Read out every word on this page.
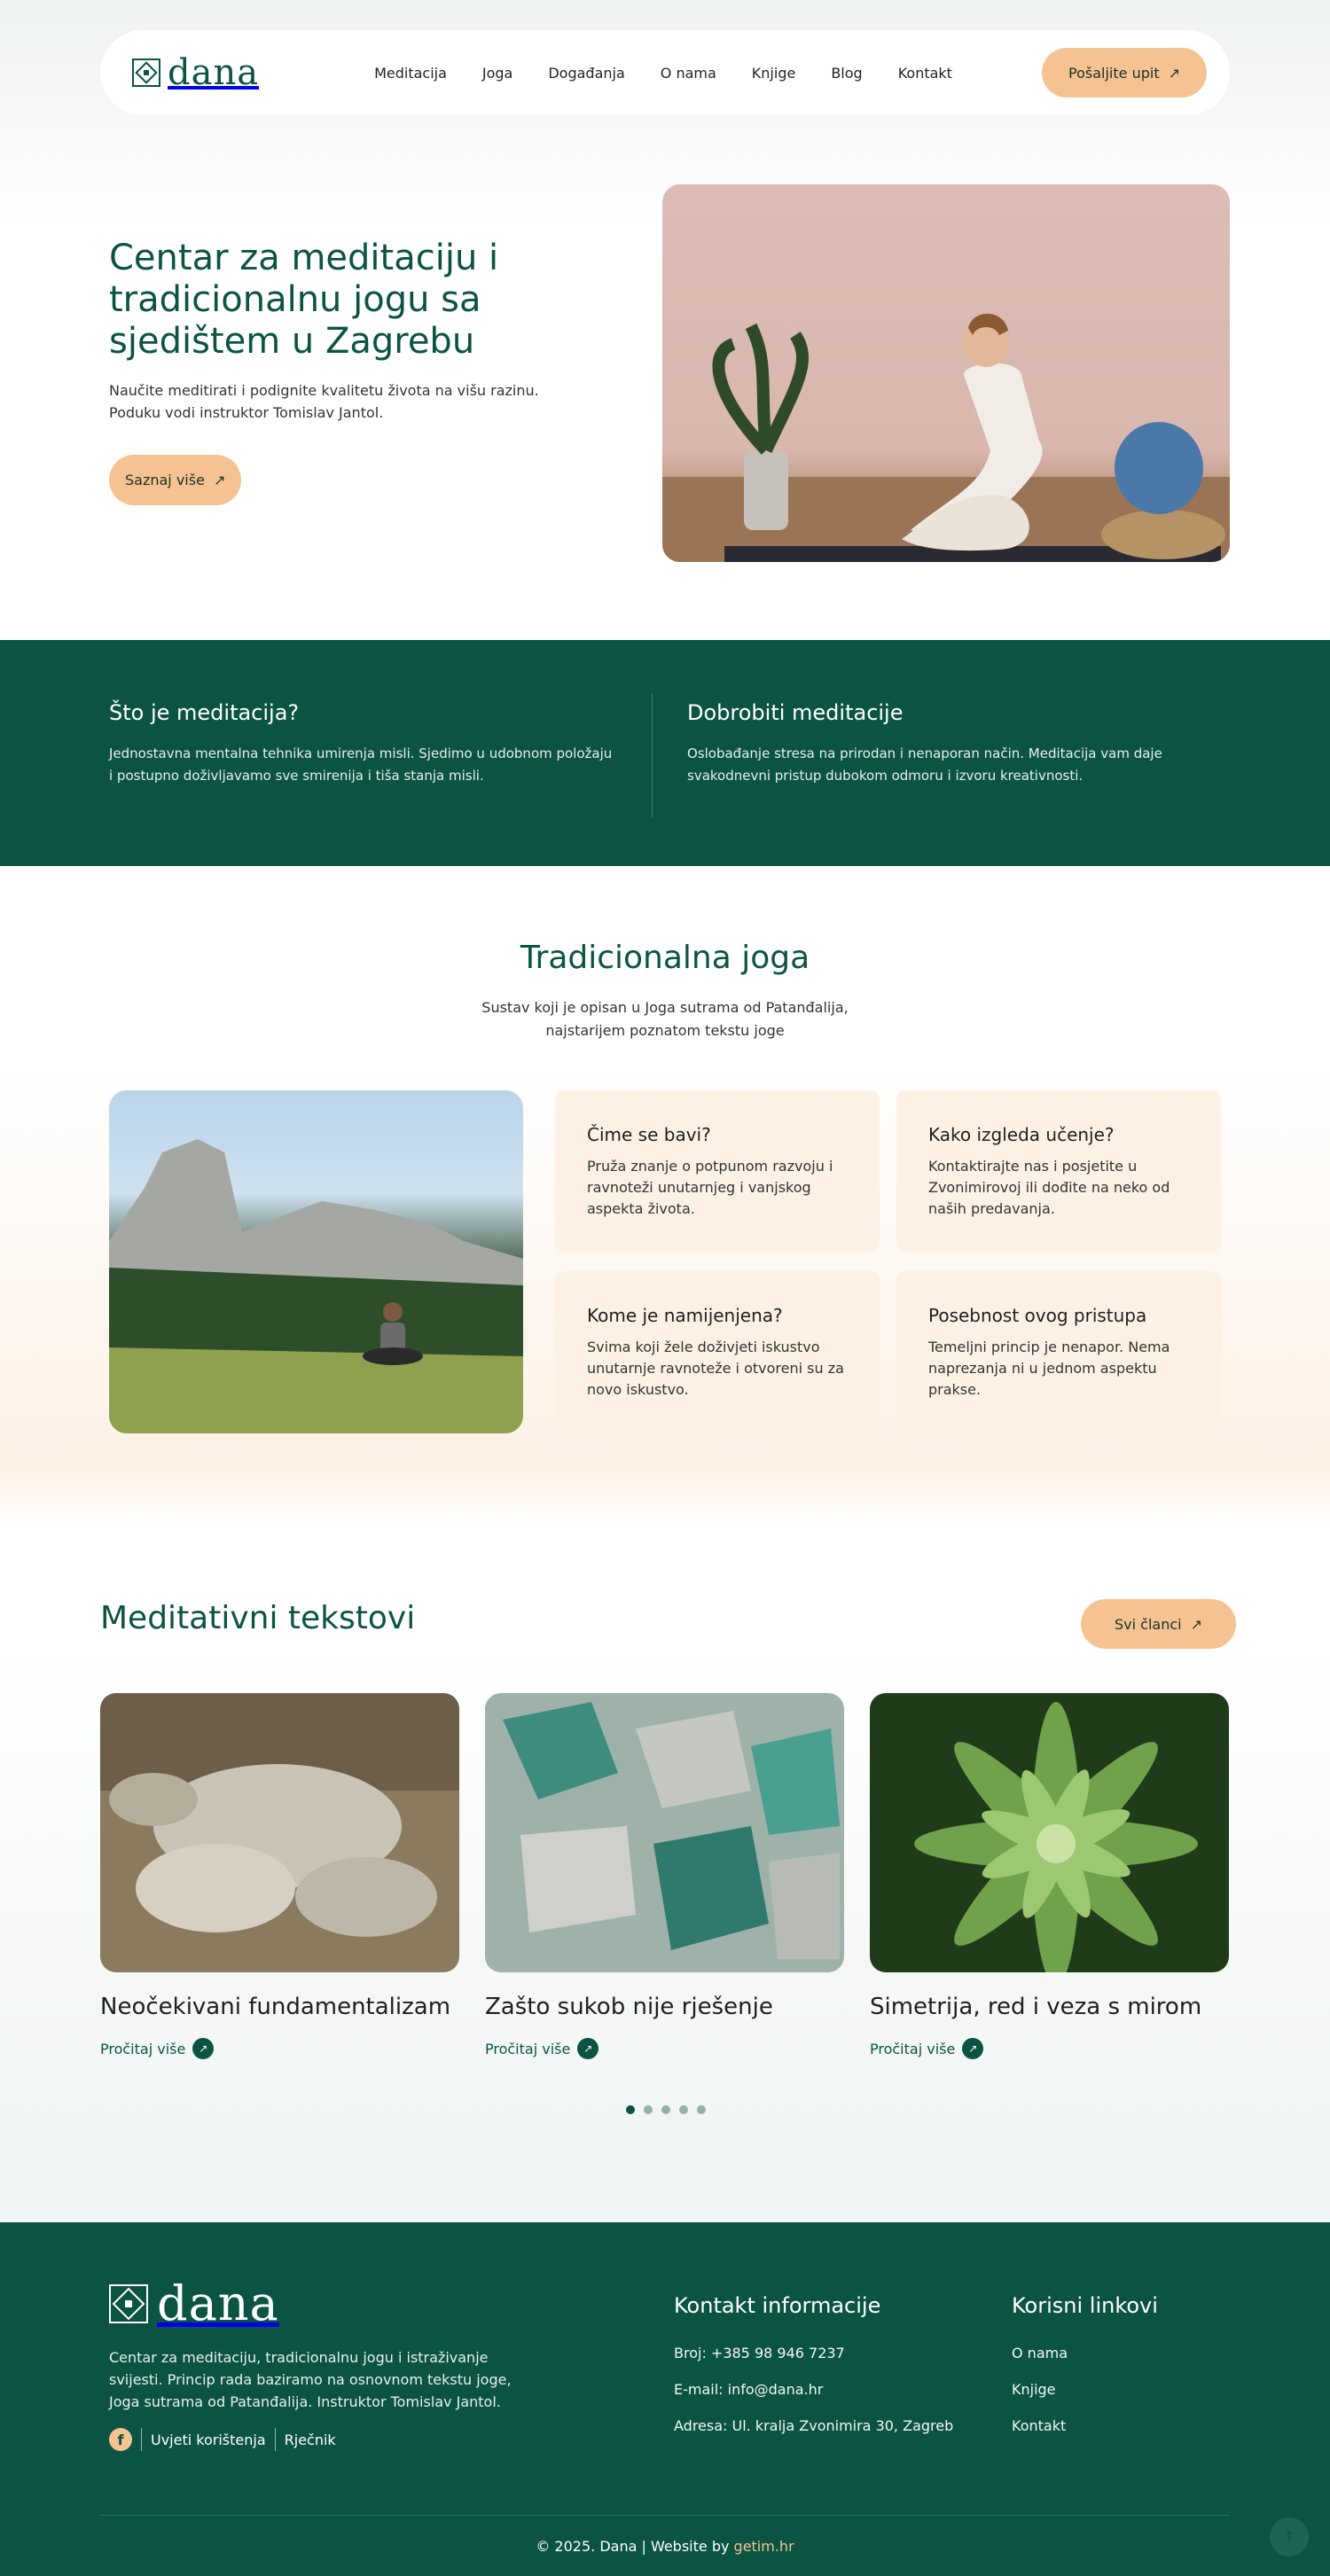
dana	Meditacija	Joga	Događanja	O nama	Knjige	Blog	Kontakt	Pošaljite upit ↗
Centar za meditaciju i tradicionalnu jogu sa sjedištem u Zagrebu

Naučite meditirati i podignite kvalitetu života na višu razinu. Poduku vodi instruktor Tomislav Jantol.

Saznaj više ↗
Što je meditacija?

Jednostavna mentalna tehnika umirenja misli. Sjedimo u udobnom položaju i postupno doživljavamo sve smirenija i tiša stanja misli.

Dobrobiti meditacije

Oslobađanje stresa na prirodan i nenaporan način. Meditacija vam daje svakodnevni pristup dubokom odmoru i izvoru kreativnosti.

Tradicionalna joga

Sustav koji je opisan u Joga sutrama od Patanđalija, najstarijem poznatom tekstu joge

Čime se bavi?

Pruža znanje o potpunom razvoju i ravnoteži unutarnjeg i vanjskog aspekta života.

Kako izgleda učenje?

Kontaktirajte nas i posjetite u Zvonimirovoj ili dođite na neko od naših predavanja.

Kome je namijenjena?

Svima koji žele doživjeti iskustvo unutarnje ravnoteže i otvoreni su za novo iskustvo.

Posebnost ovog pristupa

Temeljni princip je nenapor. Nema naprezanja ni u jednom aspektu prakse.

Meditativni tekstovi	Svi članci ↗
Neočekivani fundamentalizam
Pročitaj više	↗
Zašto sukob nije rješenje
Pročitaj više	↗
Simetrija, red i veza s mirom
Pročitaj više	↗
dana

Centar za meditaciju, tradicionalnu jogu i istraživanje svijesti. Princip rada baziramo na osnovnom tekstu joge, Joga sutrama od Patanđalija. Instruktor Tomislav Jantol.

f	Uvjeti korištenja Rječnik
Kontakt informacije
Broj: +385 98 946 7237
E-mail: info@dana.hr
Adresa: Ul. kralja Zvonimira 30, Zagreb
Korisni linkovi
O nama
Knjige
Kontakt
© 2025. Dana | Website by getim.hr	↑
